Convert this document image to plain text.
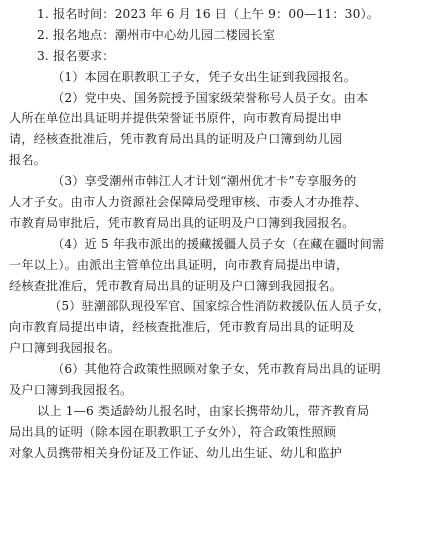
1. 报名时间：2023 年 6 月 16 日（上午 9：00—11：30）。
2. 报名地点：潮州市中心幼儿园二楼园长室
3. 报名要求：
（1）本园在职教职工子女，凭子女出生证到我园报名。
（2）党中央、国务院授予国家级荣誉称号人员子女。由本
人所在单位出具证明并提供荣誉证书原件，向市教育局提出申
请，经核查批准后，凭市教育局出具的证明及户口簿到幼儿园
报名。
（3）享受潮州市韩江人才计划“潮州优才卡”专享服务的
人才子女。由市人力资源社会保障局受理审核、市委人才办推荐、
市教育局审批后，凭市教育局出具的证明及户口簿到我园报名。
（4）近 5 年我市派出的援藏援疆人员子女（在藏在疆时间需
一年以上）。由派出主管单位出具证明，向市教育局提出申请，
经核查批准后，凭市教育局出具的证明及户口簿到我园报名。
（5）驻潮部队现役军官、国家综合性消防救援队伍人员子女，
向市教育局提出申请，经核查批准后，凭市教育局出具的证明及
户口簿到我园报名。
（6）其他符合政策性照顾对象子女，凭市教育局出具的证明
及户口簿到我园报名。
以上 1—6 类适龄幼儿报名时，由家长携带幼儿，带齐教育局
局出具的证明（除本园在职教职工子女外），符合政策性照顾
对象人员携带相关身份证及工作证、幼儿出生证、幼儿和监护
